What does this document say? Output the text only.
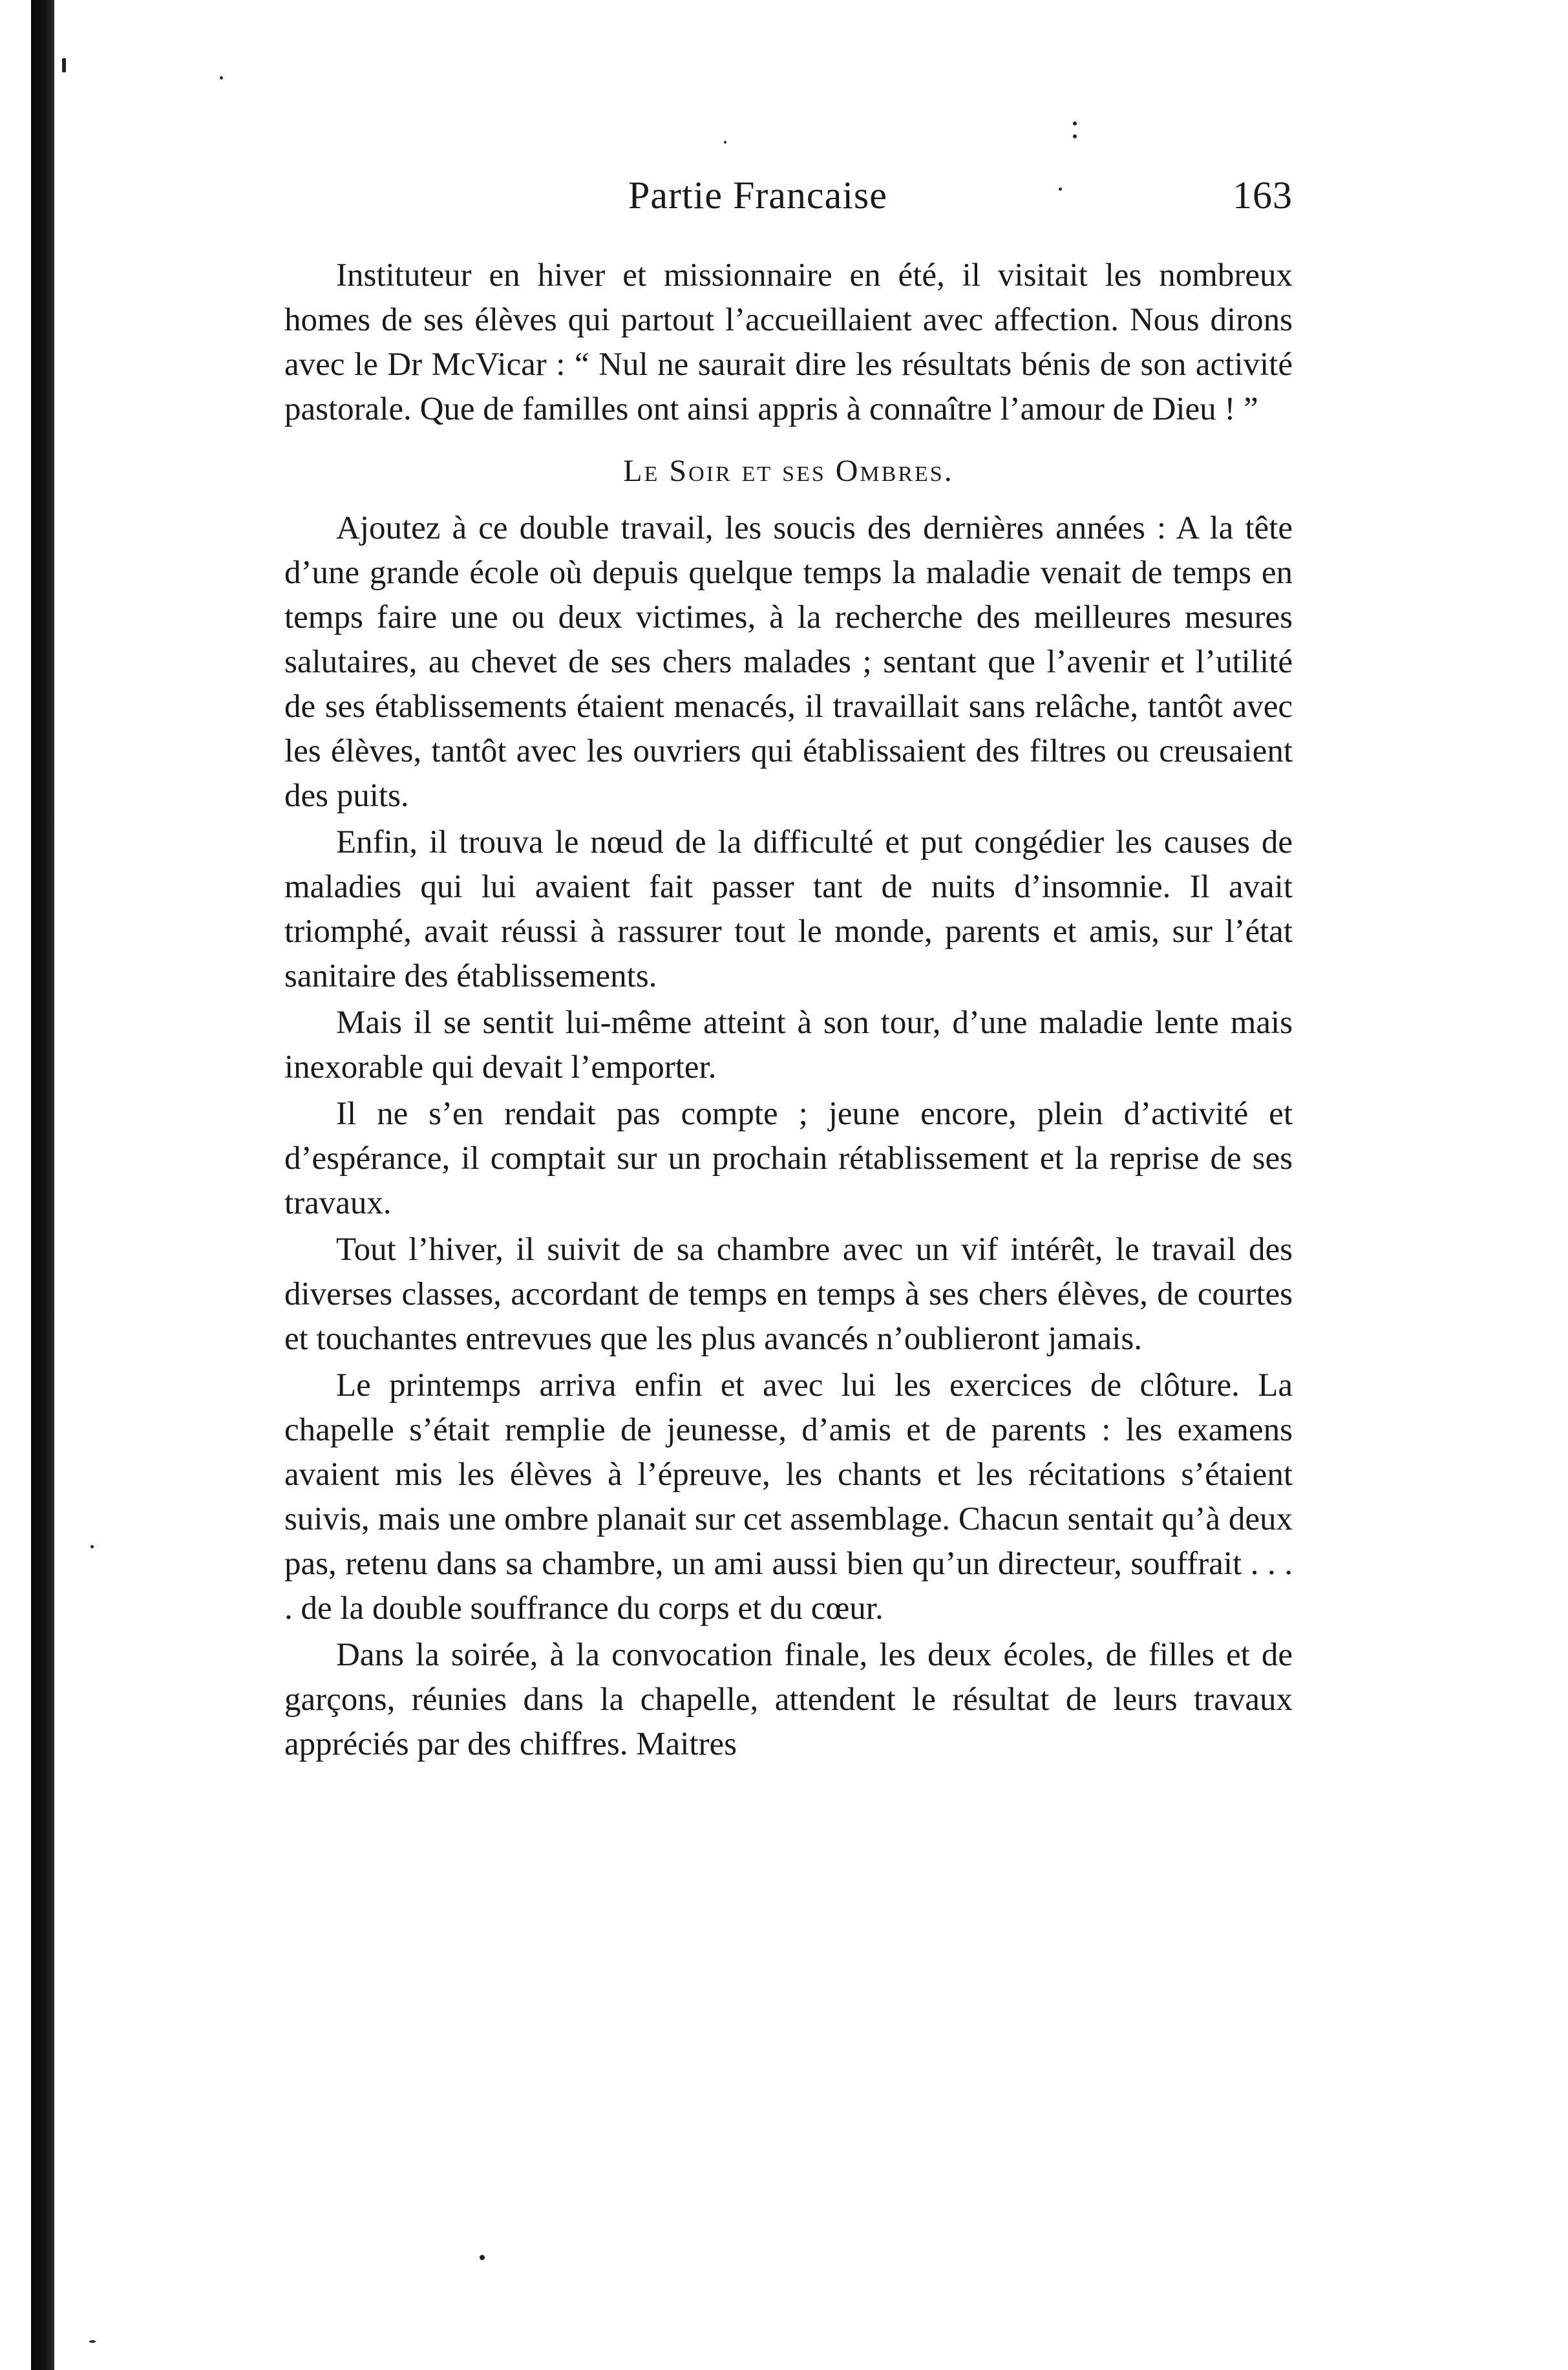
Partie Francaise	163

Instituteur en hiver et missionnaire en été, il visitait les nombreux homes de ses élèves qui partout l’accueillaient avec affection. Nous dirons avec le Dr McVicar : “ Nul ne saurait dire les résultats bénis de son activité pastorale. Que de familles ont ainsi appris à connaître l’amour de Dieu ! ”

Le Soir et ses Ombres.

Ajoutez à ce double travail, les soucis des dernières années : A la tête d’une grande école où depuis quelque temps la maladie venait de temps en temps faire une ou deux victimes, à la recherche des meilleures mesures salutaires, au chevet de ses chers malades ; sentant que l’avenir et l’utilité de ses établissements étaient menacés, il travaillait sans relâche, tantôt avec les élèves, tantôt avec les ouvriers qui établissaient des filtres ou creusaient des puits.

Enfin, il trouva le nœud de la difficulté et put congédier les causes de maladies qui lui avaient fait passer tant de nuits d’insomnie. Il avait triomphé, avait réussi à rassurer tout le monde, parents et amis, sur l’état sanitaire des établissements.

Mais il se sentit lui-même atteint à son tour, d’une maladie lente mais inexorable qui devait l’emporter.

Il ne s’en rendait pas compte ; jeune encore, plein d’activité et d’espérance, il comptait sur un prochain rétablissement et la reprise de ses travaux.

Tout l’hiver, il suivit de sa chambre avec un vif intérêt, le travail des diverses classes, accordant de temps en temps à ses chers élèves, de courtes et touchantes entrevues que les plus avancés n’oublieront jamais.

Le printemps arriva enfin et avec lui les exercices de clôture. La chapelle s’était remplie de jeunesse, d’amis et de parents : les examens avaient mis les élèves à l’épreuve, les chants et les récitations s’étaient suivis, mais une ombre planait sur cet assemblage. Chacun sentait qu’à deux pas, retenu dans sa chambre, un ami aussi bien qu’un directeur, souffrait . . . . de la double souffrance du corps et du cœur.

Dans la soirée, à la convocation finale, les deux écoles, de filles et de garçons, réunies dans la chapelle, attendent le résultat de leurs travaux appréciés par des chiffres. Maitres
